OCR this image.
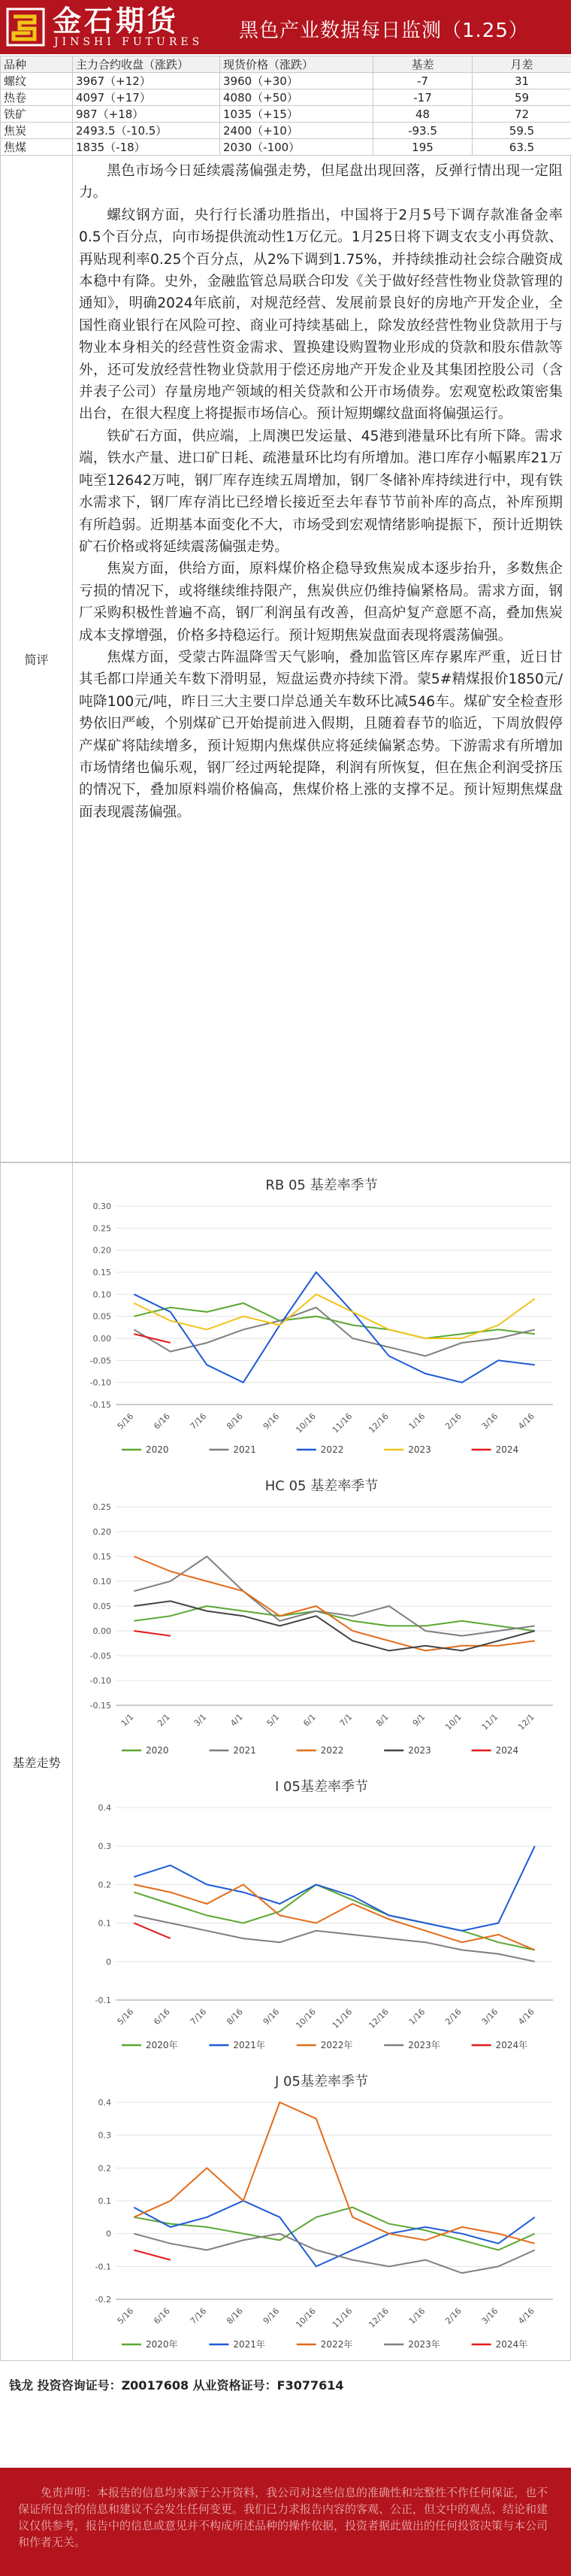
金石期货
JINSHI FUTURES 黑色产业数据每日监测（1.25）
品种	主力合约收盘（涨跌）	现货价格（涨跌）	基差	月差
螺纹	3967（+12）	3960（+30）	-7	31
热卷	4097（+17）	4080（+50）	-17	59
铁矿	987（+18）	1035（+15）	48	72
焦炭	2493.5（-10.5）	2400（+10）	-93.5	59.5
焦煤	1835（-18）	2030（-100）	195	63.5
简评

黑色市场今日延续震荡偏强走势，但尾盘出现回落，反弹行情出现一定阻力。

螺纹钢方面，央行行长潘功胜指出，中国将于2月5号下调存款准备金率0.5个百分点，向市场提供流动性1万亿元。1月25日将下调支农支小再贷款、再贴现利率0.25个百分点，从2%下调到1.75%，并持续推动社会综合融资成本稳中有降。史外，金融监管总局联合印发《关于做好经营性物业贷款管理的通知》，明确2024年底前，对规范经营、发展前景良好的房地产开发企业，全国性商业银行在风险可控、商业可持续基础上，除发放经营性物业贷款用于与物业本身相关的经营性资金需求、置换建设购置物业形成的贷款和股东借款等外，还可发放经营性物业贷款用于偿还房地产开发企业及其集团控股公司（含并表子公司）存量房地产领域的相关贷款和公开市场债券。宏观宽松政策密集出台，在很大程度上将提振市场信心。预计短期螺纹盘面将偏强运行。

铁矿石方面，供应端，上周澳巴发运量、45港到港量环比有所下降。需求端，铁水产量、进口矿日耗、疏港量环比均有所增加。港口库存小幅累库21万吨至12642万吨，钢厂库存连续五周增加，钢厂冬储补库持续进行中，现有铁水需求下，钢厂库存消比已经增长接近至去年春节节前补库的高点，补库预期有所趋弱。近期基本面变化不大，市场受到宏观情绪影响提振下，预计近期铁矿石价格或将延续震荡偏强走势。

焦炭方面，供给方面，原料煤价格企稳导致焦炭成本逐步抬升，多数焦企亏损的情况下，或将继续维持限产，焦炭供应仍维持偏紧格局。需求方面，钢厂采购积极性普遍不高，钢厂利润虽有改善，但高炉复产意愿不高，叠加焦炭成本支撑增强，价格多持稳运行。预计短期焦炭盘面表现将震荡偏强。

焦煤方面，受蒙古阵温降雪天气影响，叠加监管区库存累库严重，近日甘其毛都口岸通关车数下滑明显，短盘运费亦持续下滑。蒙5#精煤报价1850元/吨降100元/吨，昨日三大主要口岸总通关车数环比减546车。煤矿安全检查形势依旧严峻，个别煤矿已开始提前进入假期，且随着春节的临近，下周放假停产煤矿将陆续增多，预计短期内焦煤供应将延续偏紧态势。下游需求有所增加市场情绪也偏乐观，钢厂经过两轮提降，利润有所恢复，但在焦企利润受挤压的情况下，叠加原料端价格偏高，焦煤价格上涨的支撑不足。预计短期焦煤盘面表现震荡偏强。

基差走势
RB 05 基差率季节
0.30
0.25
0.20
0.15
0.10
0.05
0.00
-0.05
-0.10
-0.15
5/16 6/16 7/16 8/16 9/16 10/16 11/16 12/16 1/16 2/16 3/16 4/16
2020	2021	2022	2023	2024
HC 05 基差率季节
0.25
0.20
0.15
0.10
0.05
0.00
-0.05
-0.10
-0.15
1/1 2/1 3/1 4/1 5/1 6/1 7/1 8/1 9/1 10/1 11/1 12/1
2020	2021	2022	2023	2024
I 05基差率季节
0.4
0.3
0.2
0.1
0
-0.1
5/16 6/16 7/16 8/16 9/16 10/16 11/16 12/16 1/16 2/16 3/16 4/16
2020年	2021年	2022年	2023年	2024年
J 05基差率季节
0.4
0.3
0.2
0.1
0
-0.1
-0.2
5/16 6/16 7/16 8/16 9/16 10/16 11/16 12/16 1/16 2/16 3/16 4/16
2020年	2021年	2022年	2023年	2024年
钱龙 投资咨询证号：Z0017608 从业资格证号：F3077614

免责声明：本报告的信息均来源于公开资料，我公司对这些信息的准确性和完整性不作任何保证，也不保证所包含的信息和建议不会发生任何变更。我们已力求报告内容的客观、公正，但文中的观点、结论和建议仅供参考，报告中的信息或意见并不构成所述品种的操作依据，投资者据此做出的任何投资决策与本公司和作者无关。
